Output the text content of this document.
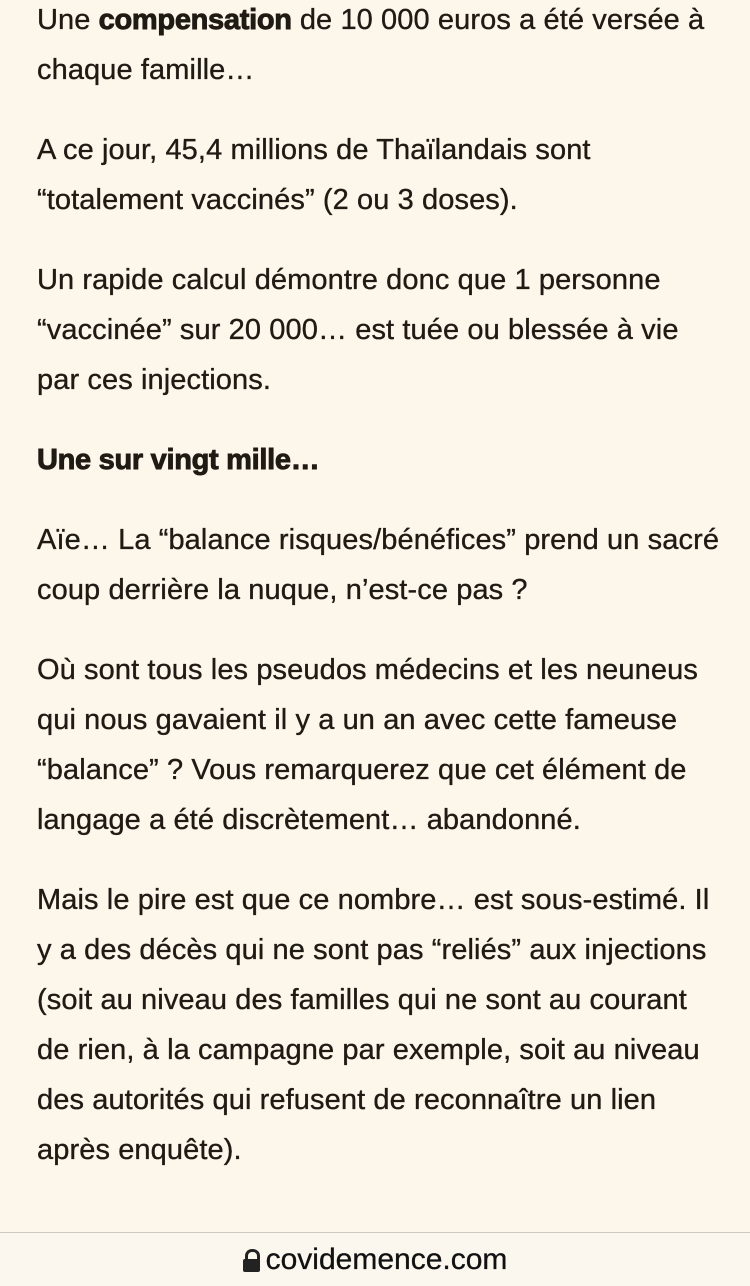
Une compensation de 10 000 euros a été versée à chaque famille…

A ce jour, 45,4 millions de Thaïlandais sont “totalement vaccinés” (2 ou 3 doses).

Un rapide calcul démontre donc que 1 personne “vaccinée” sur 20 000… est tuée ou blessée à vie par ces injections.

Une sur vingt mille…

Aïe… La “balance risques/bénéfices” prend un sacré coup derrière la nuque, n’est-ce pas ?

Où sont tous les pseudos médecins et les neuneus qui nous gavaient il y a un an avec cette fameuse “balance” ? Vous remarquerez que cet élément de langage a été discrètement… abandonné.

Mais le pire est que ce nombre… est sous-estimé. Il y a des décès qui ne sont pas “reliés” aux injections (soit au niveau des familles qui ne sont au courant de rien, à la campagne par exemple, soit au niveau des autorités qui refusent de reconnaître un lien après enquête).

covidemence.com
